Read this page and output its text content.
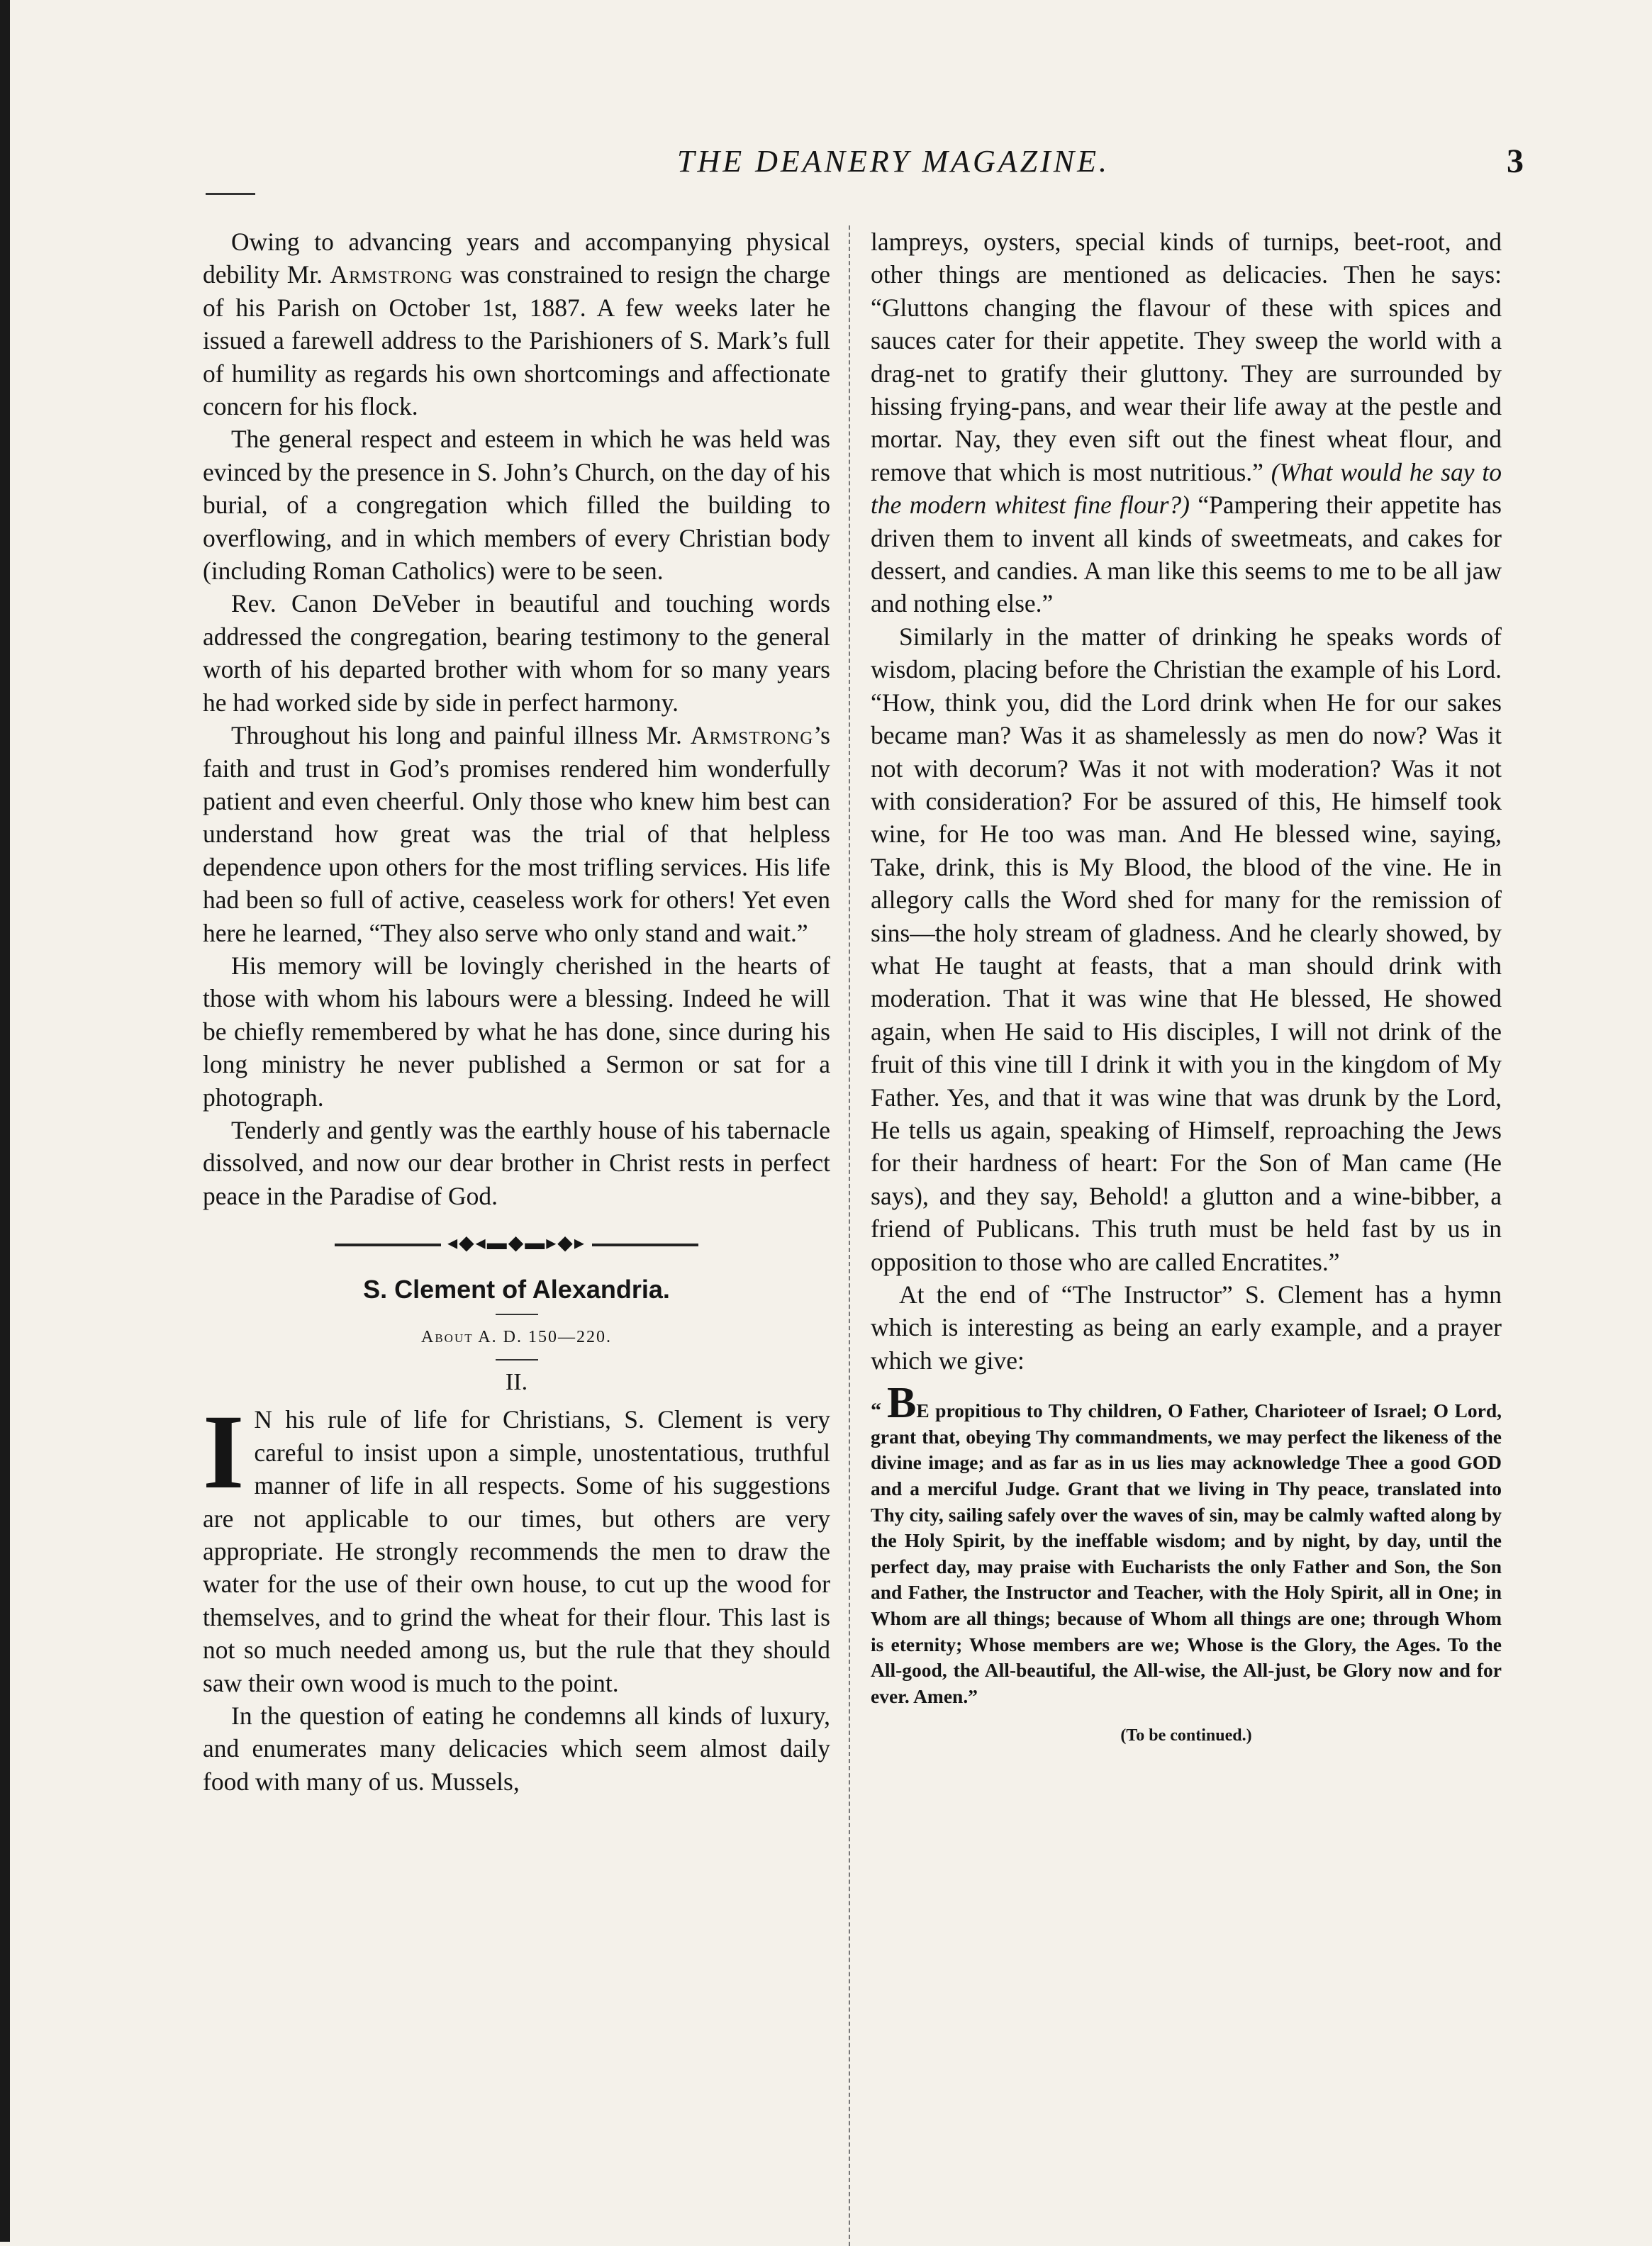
THE DEANERY MAGAZINE.	3

Owing to advancing years and accompanying physical debility Mr. Armstrong was constrained to resign the charge of his Parish on October 1st, 1887. A few weeks later he issued a farewell address to the Parishioners of S. Mark’s full of humility as regards his own shortcomings and affectionate concern for his flock.

The general respect and esteem in which he was held was evinced by the presence in S. John’s Church, on the day of his burial, of a congregation which filled the building to overflowing, and in which members of every Christian body (including Roman Catholics) were to be seen.

Rev. Canon DeVeber in beautiful and touching words addressed the congregation, bearing testimony to the general worth of his departed brother with whom for so many years he had worked side by side in perfect harmony.

Throughout his long and painful illness Mr. Armstrong’s faith and trust in God’s promises rendered him wonderfully patient and even cheerful. Only those who knew him best can understand how great was the trial of that helpless dependence upon others for the most trifling services. His life had been so full of active, ceaseless work for others! Yet even here he learned, “They also serve who only stand and wait.”

His memory will be lovingly cherished in the hearts of those with whom his labours were a blessing. Indeed he will be chiefly remembered by what he has done, since during his long ministry he never published a Sermon or sat for a photograph.

Tenderly and gently was the earthly house of his tabernacle dissolved, and now our dear brother in Christ rests in perfect peace in the Paradise of God.

◂◆◂▬◆▬▸◆▸
S. Clement of Alexandria.
About A. D. 150—220.
II.

I N his rule of life for Christians, S. Clement is very careful to insist upon a simple, unostentatious, truthful manner of life in all respects. Some of his suggestions are not applicable to our times, but others are very appropriate. He strongly recommends the men to draw the water for the use of their own house, to cut up the wood for themselves, and to grind the wheat for their flour. This last is not so much needed among us, but the rule that they should saw their own wood is much to the point.

In the question of eating he condemns all kinds of luxury, and enumerates many delicacies which seem almost daily food with many of us. Mussels,

lampreys, oysters, special kinds of turnips, beet-root, and other things are mentioned as delicacies. Then he says: “Gluttons changing the flavour of these with spices and sauces cater for their appetite. They sweep the world with a drag-net to gratify their gluttony. They are surrounded by hissing frying-pans, and wear their life away at the pestle and mortar. Nay, they even sift out the finest wheat flour, and remove that which is most nutritious.” (What would he say to the modern whitest fine flour?) “Pampering their appetite has driven them to invent all kinds of sweetmeats, and cakes for dessert, and candies. A man like this seems to me to be all jaw and nothing else.”

Similarly in the matter of drinking he speaks words of wisdom, placing before the Christian the example of his Lord. “How, think you, did the Lord drink when He for our sakes became man? Was it as shamelessly as men do now? Was it not with decorum? Was it not with moderation? Was it not with consideration? For be assured of this, He himself took wine, for He too was man. And He blessed wine, saying, Take, drink, this is My Blood, the blood of the vine. He in allegory calls the Word shed for many for the remission of sins—the holy stream of gladness. And he clearly showed, by what He taught at feasts, that a man should drink with moderation. That it was wine that He blessed, He showed again, when He said to His disciples, I will not drink of the fruit of this vine till I drink it with you in the kingdom of My Father. Yes, and that it was wine that was drunk by the Lord, He tells us again, speaking of Himself, reproaching the Jews for their hardness of heart: For the Son of Man came (He says), and they say, Behold! a glutton and a wine-bibber, a friend of Publicans. This truth must be held fast by us in opposition to those who are called Encratites.”

At the end of “The Instructor” S. Clement has a hymn which is interesting as being an early example, and a prayer which we give:

“ BE propitious to Thy children, O Father, Charioteer of Israel; O Lord, grant that, obeying Thy commandments, we may perfect the likeness of the divine image; and as far as in us lies may acknowledge Thee a good GOD and a merciful Judge. Grant that we living in Thy peace, translated into Thy city, sailing safely over the waves of sin, may be calmly wafted along by the Holy Spirit, by the ineffable wisdom; and by night, by day, until the perfect day, may praise with Eucharists the only Father and Son, the Son and Father, the Instructor and Teacher, with the Holy Spirit, all in One; in Whom are all things; because of Whom all things are one; through Whom is eternity; Whose members are we; Whose is the Glory, the Ages. To the All-good, the All-beautiful, the All-wise, the All-just, be Glory now and for ever. Amen.”
(To be continued.)
